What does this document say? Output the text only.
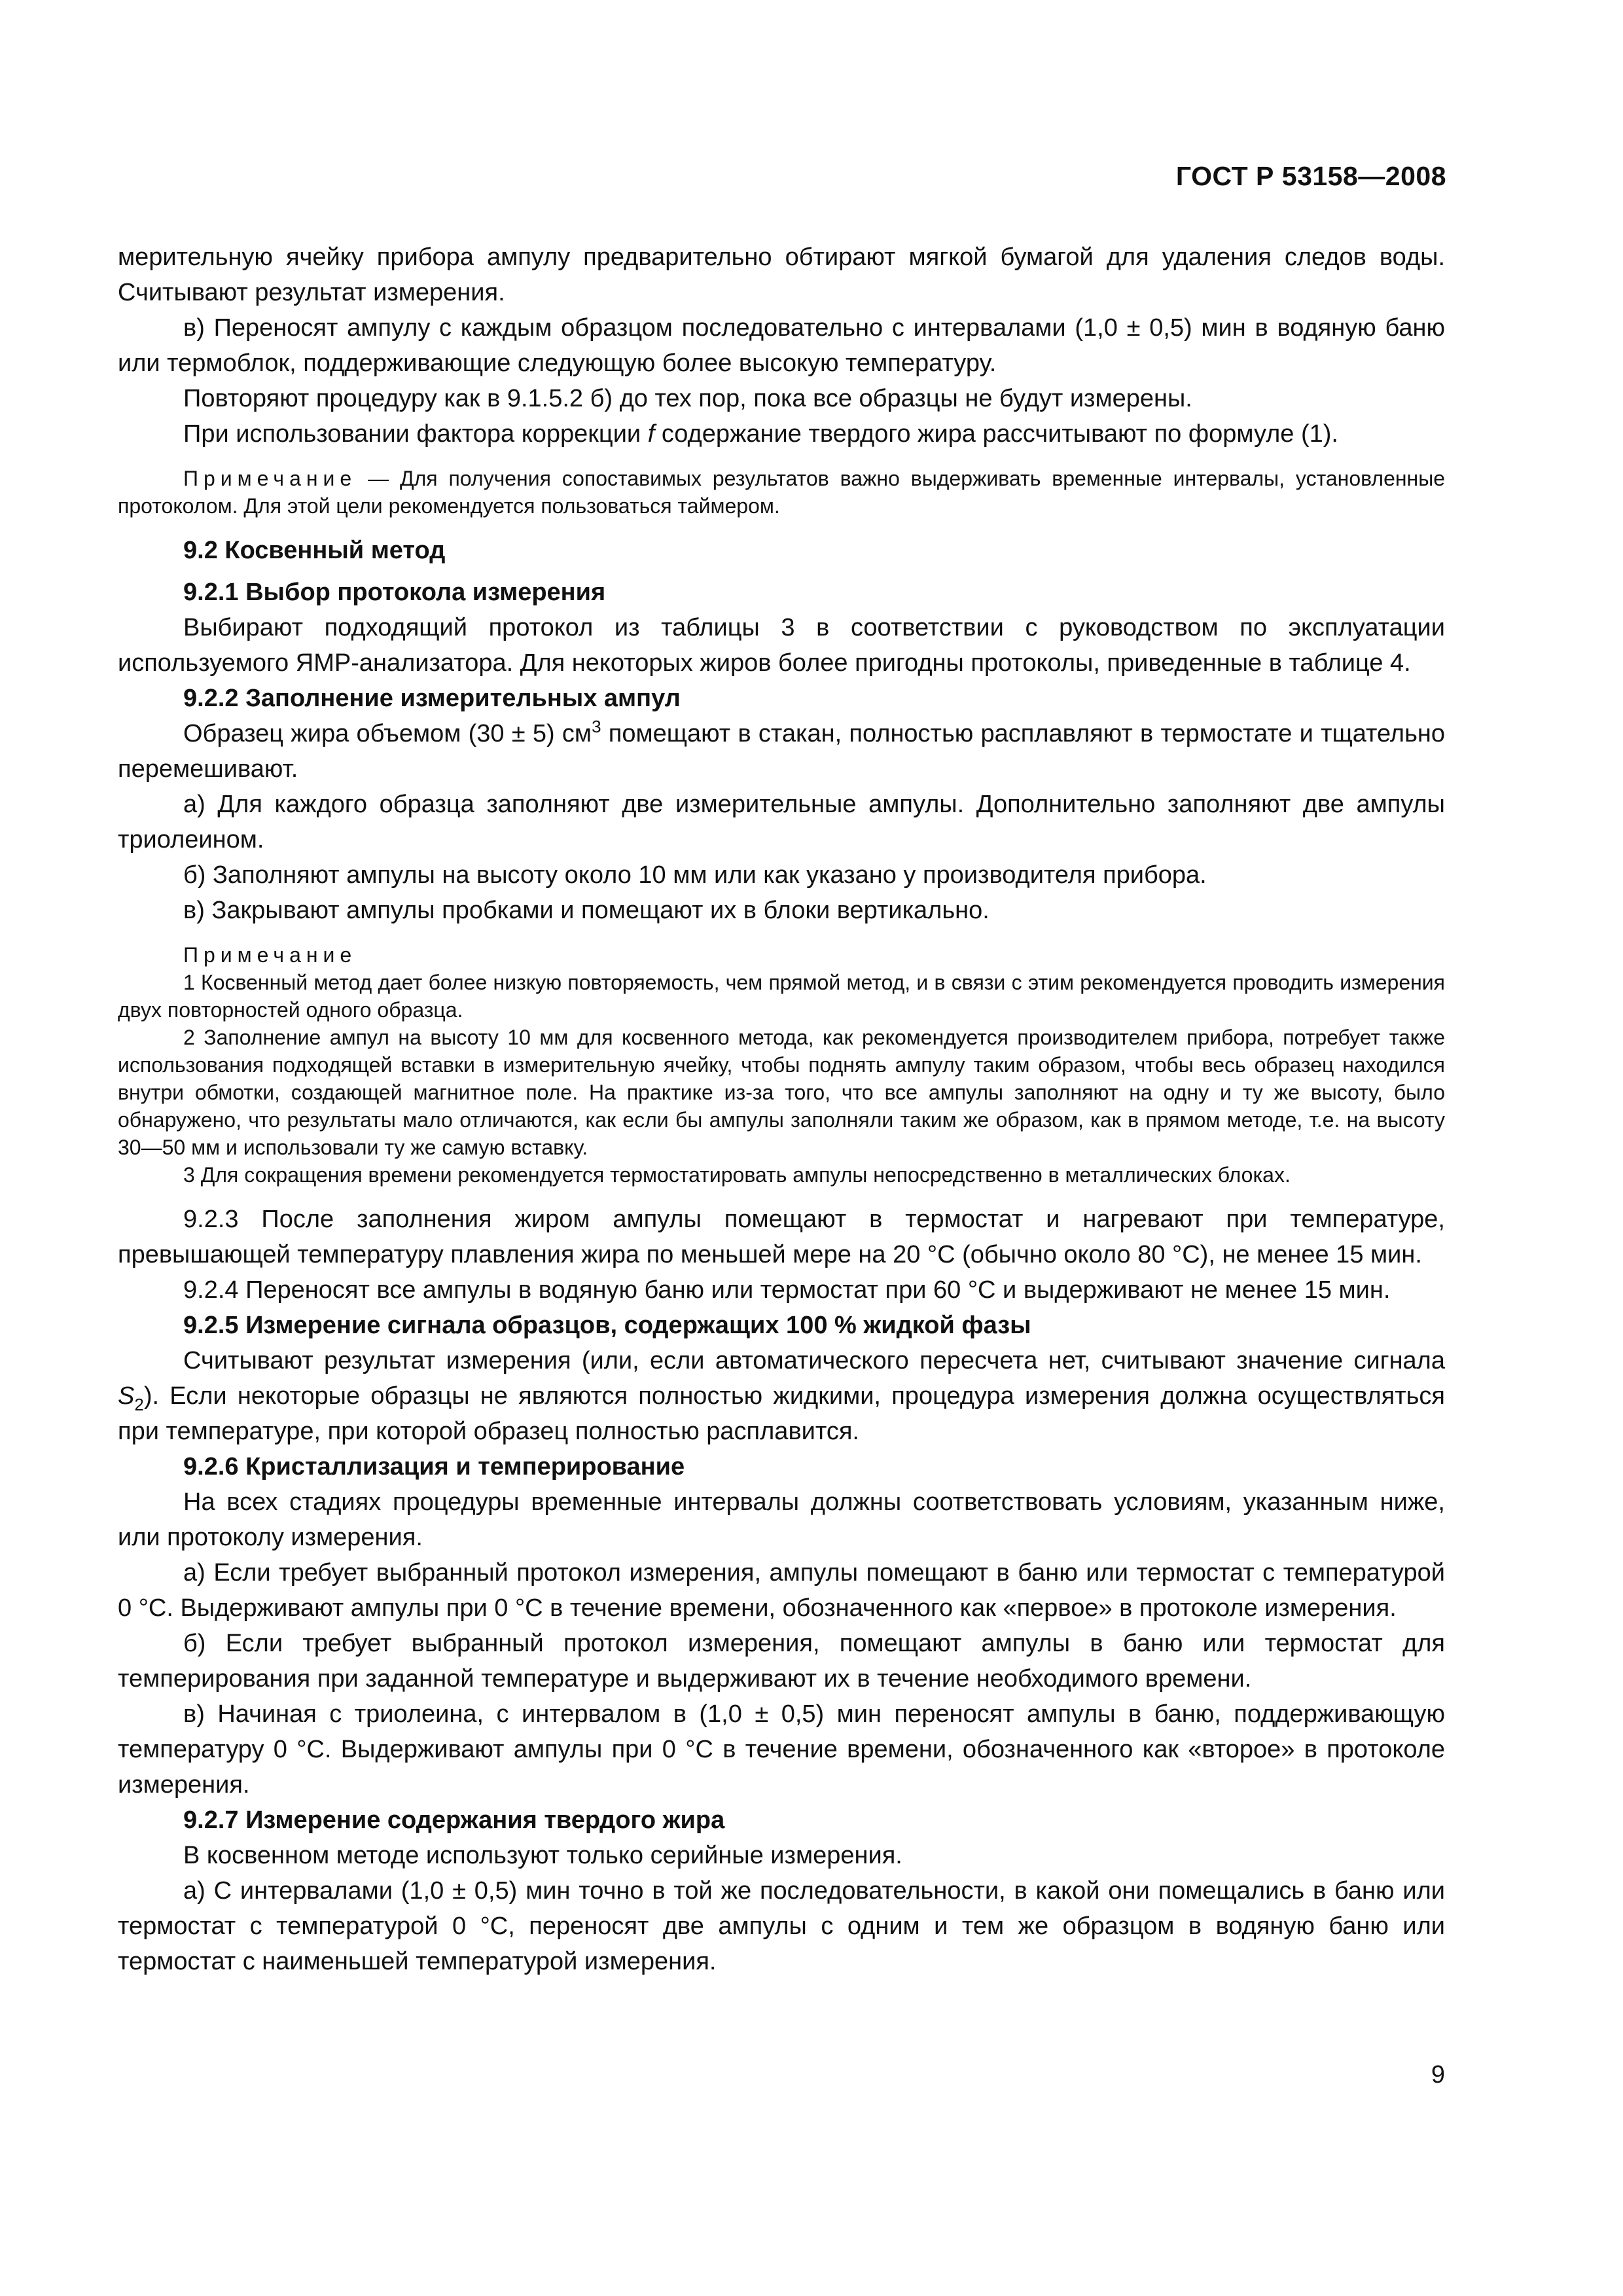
ГОСТ Р 53158—2008

мерительную ячейку прибора ампулу предварительно обтирают мягкой бумагой для удаления следов воды. Считывают результат измерения.

в) Переносят ампулу с каждым образцом последовательно с интервалами (1,0 ± 0,5) мин в водяную баню или термоблок, поддерживающие следующую более высокую температуру.

Повторяют процедуру как в 9.1.5.2 б) до тех пор, пока все образцы не будут измерены.

При использовании фактора коррекции f содержание твердого жира рассчитывают по формуле (1).

Примечание — Для получения сопоставимых результатов важно выдерживать временные интервалы, установленные протоколом. Для этой цели рекомендуется пользоваться таймером.

9.2 Косвенный метод

9.2.1 Выбор протокола измерения

Выбирают подходящий протокол из таблицы 3 в соответствии с руководством по эксплуатации используемого ЯМР-анализатора. Для некоторых жиров более пригодны протоколы, приведенные в таблице 4.

9.2.2 Заполнение измерительных ампул

Образец жира объемом (30 ± 5) $см^3$ помещают в стакан, полностью расплавляют в термостате и тщательно перемешивают.

а) Для каждого образца заполняют две измерительные ампулы. Дополнительно заполняют две ампулы триолеином.

б) Заполняют ампулы на высоту около 10 мм или как указано у производителя прибора.

в) Закрывают ампулы пробками и помещают их в блоки вертикально.

Примечание

1 Косвенный метод дает более низкую повторяемость, чем прямой метод, и в связи с этим рекомендуется проводить измерения двух повторностей одного образца.

2 Заполнение ампул на высоту 10 мм для косвенного метода, как рекомендуется производителем прибора, потребует также использования подходящей вставки в измерительную ячейку, чтобы поднять ампулу таким образом, чтобы весь образец находился внутри обмотки, создающей магнитное поле. На практике из-за того, что все ампулы заполняют на одну и ту же высоту, было обнаружено, что результаты мало отличаются, как если бы ампулы заполняли таким же образом, как в прямом методе, т.е. на высоту 30—50 мм и использовали ту же самую вставку.

3 Для сокращения времени рекомендуется термостатировать ампулы непосредственно в металлических блоках.

9.2.3 После заполнения жиром ампулы помещают в термостат и нагревают при температуре, превышающей температуру плавления жира по меньшей мере на 20 °С (обычно около 80 °С), не менее 15 мин.

9.2.4 Переносят все ампулы в водяную баню или термостат при 60 °С и выдерживают не менее 15 мин.

9.2.5 Измерение сигнала образцов, содержащих 100 % жидкой фазы

Считывают результат измерения (или, если автоматического пересчета нет, считывают значение сигнала $S_2$). Если некоторые образцы не являются полностью жидкими, процедура измерения должна осуществляться при температуре, при которой образец полностью расплавится.

9.2.6 Кристаллизация и темперирование

На всех стадиях процедуры временные интервалы должны соответствовать условиям, указанным ниже, или протоколу измерения.

а) Если требует выбранный протокол измерения, ампулы помещают в баню или термостат с температурой 0 °С. Выдерживают ампулы при 0 °С в течение времени, обозначенного как «первое» в протоколе измерения.

б) Если требует выбранный протокол измерения, помещают ампулы в баню или термостат для темперирования при заданной температуре и выдерживают их в течение необходимого времени.

в) Начиная с триолеина, с интервалом в (1,0 ± 0,5) мин переносят ампулы в баню, поддерживающую температуру 0 °С. Выдерживают ампулы при 0 °С в течение времени, обозначенного как «второе» в протоколе измерения.

9.2.7 Измерение содержания твердого жира

В косвенном методе используют только серийные измерения.

а) С интервалами (1,0 ± 0,5) мин точно в той же последовательности, в какой они помещались в баню или термостат с температурой 0 °С, переносят две ампулы с одним и тем же образцом в водяную баню или термостат с наименьшей температурой измерения.

9
